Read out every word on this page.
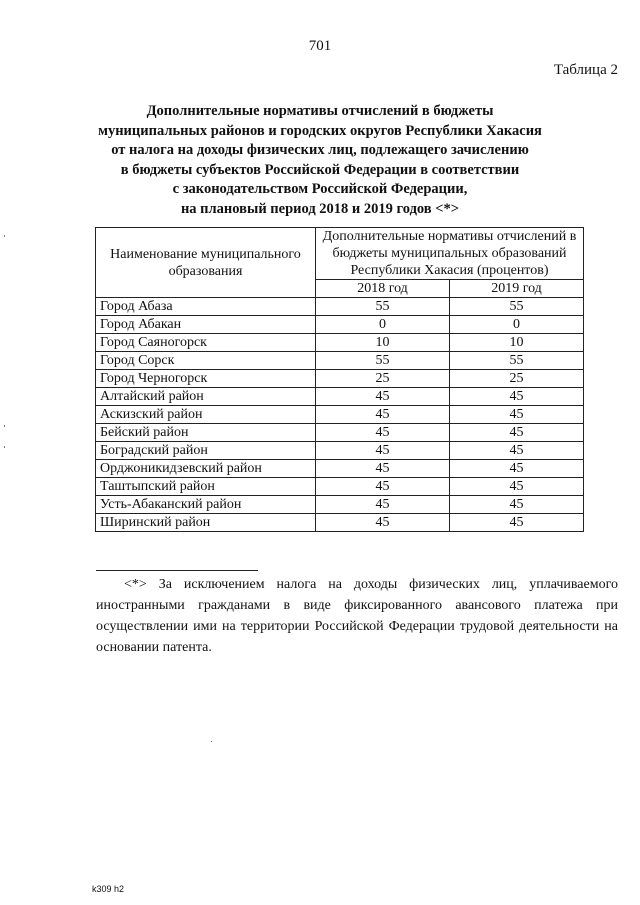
701
Таблица 2
Дополнительные нормативы отчислений в бюджеты
муниципальных районов и городских округов Республики Хакасия
от налога на доходы физических лиц, подлежащего зачислению
в бюджеты субъектов Российской Федерации в соответствии
с законодательством Российской Федерации,
на плановый период 2018 и 2019 годов <*>
Наименование муниципального образования	Дополнительные нормативы отчислений в бюджеты муниципальных образований Республики Хакасия (процентов)	
	2018 год	2019 год
Город Абаза	55	55
Город Абакан	0	0
Город Саяногорск	10	10
Город Сорск	55	55
Город Черногорск	25	25
Алтайский район	45	45
Аскизский район	45	45
Бейский район	45	45
Боградский район	45	45
Орджоникидзевский район	45	45
Таштыпский район	45	45
Усть-Абаканский район	45	45
Ширинский район	45	45
<*> За исключением налога на доходы физических лиц, уплачиваемого иностранными гражданами в виде фиксированного авансового платежа при осуществлении ими на территории Российской Федерации трудовой деятельности на основании патента.
k309 h2
